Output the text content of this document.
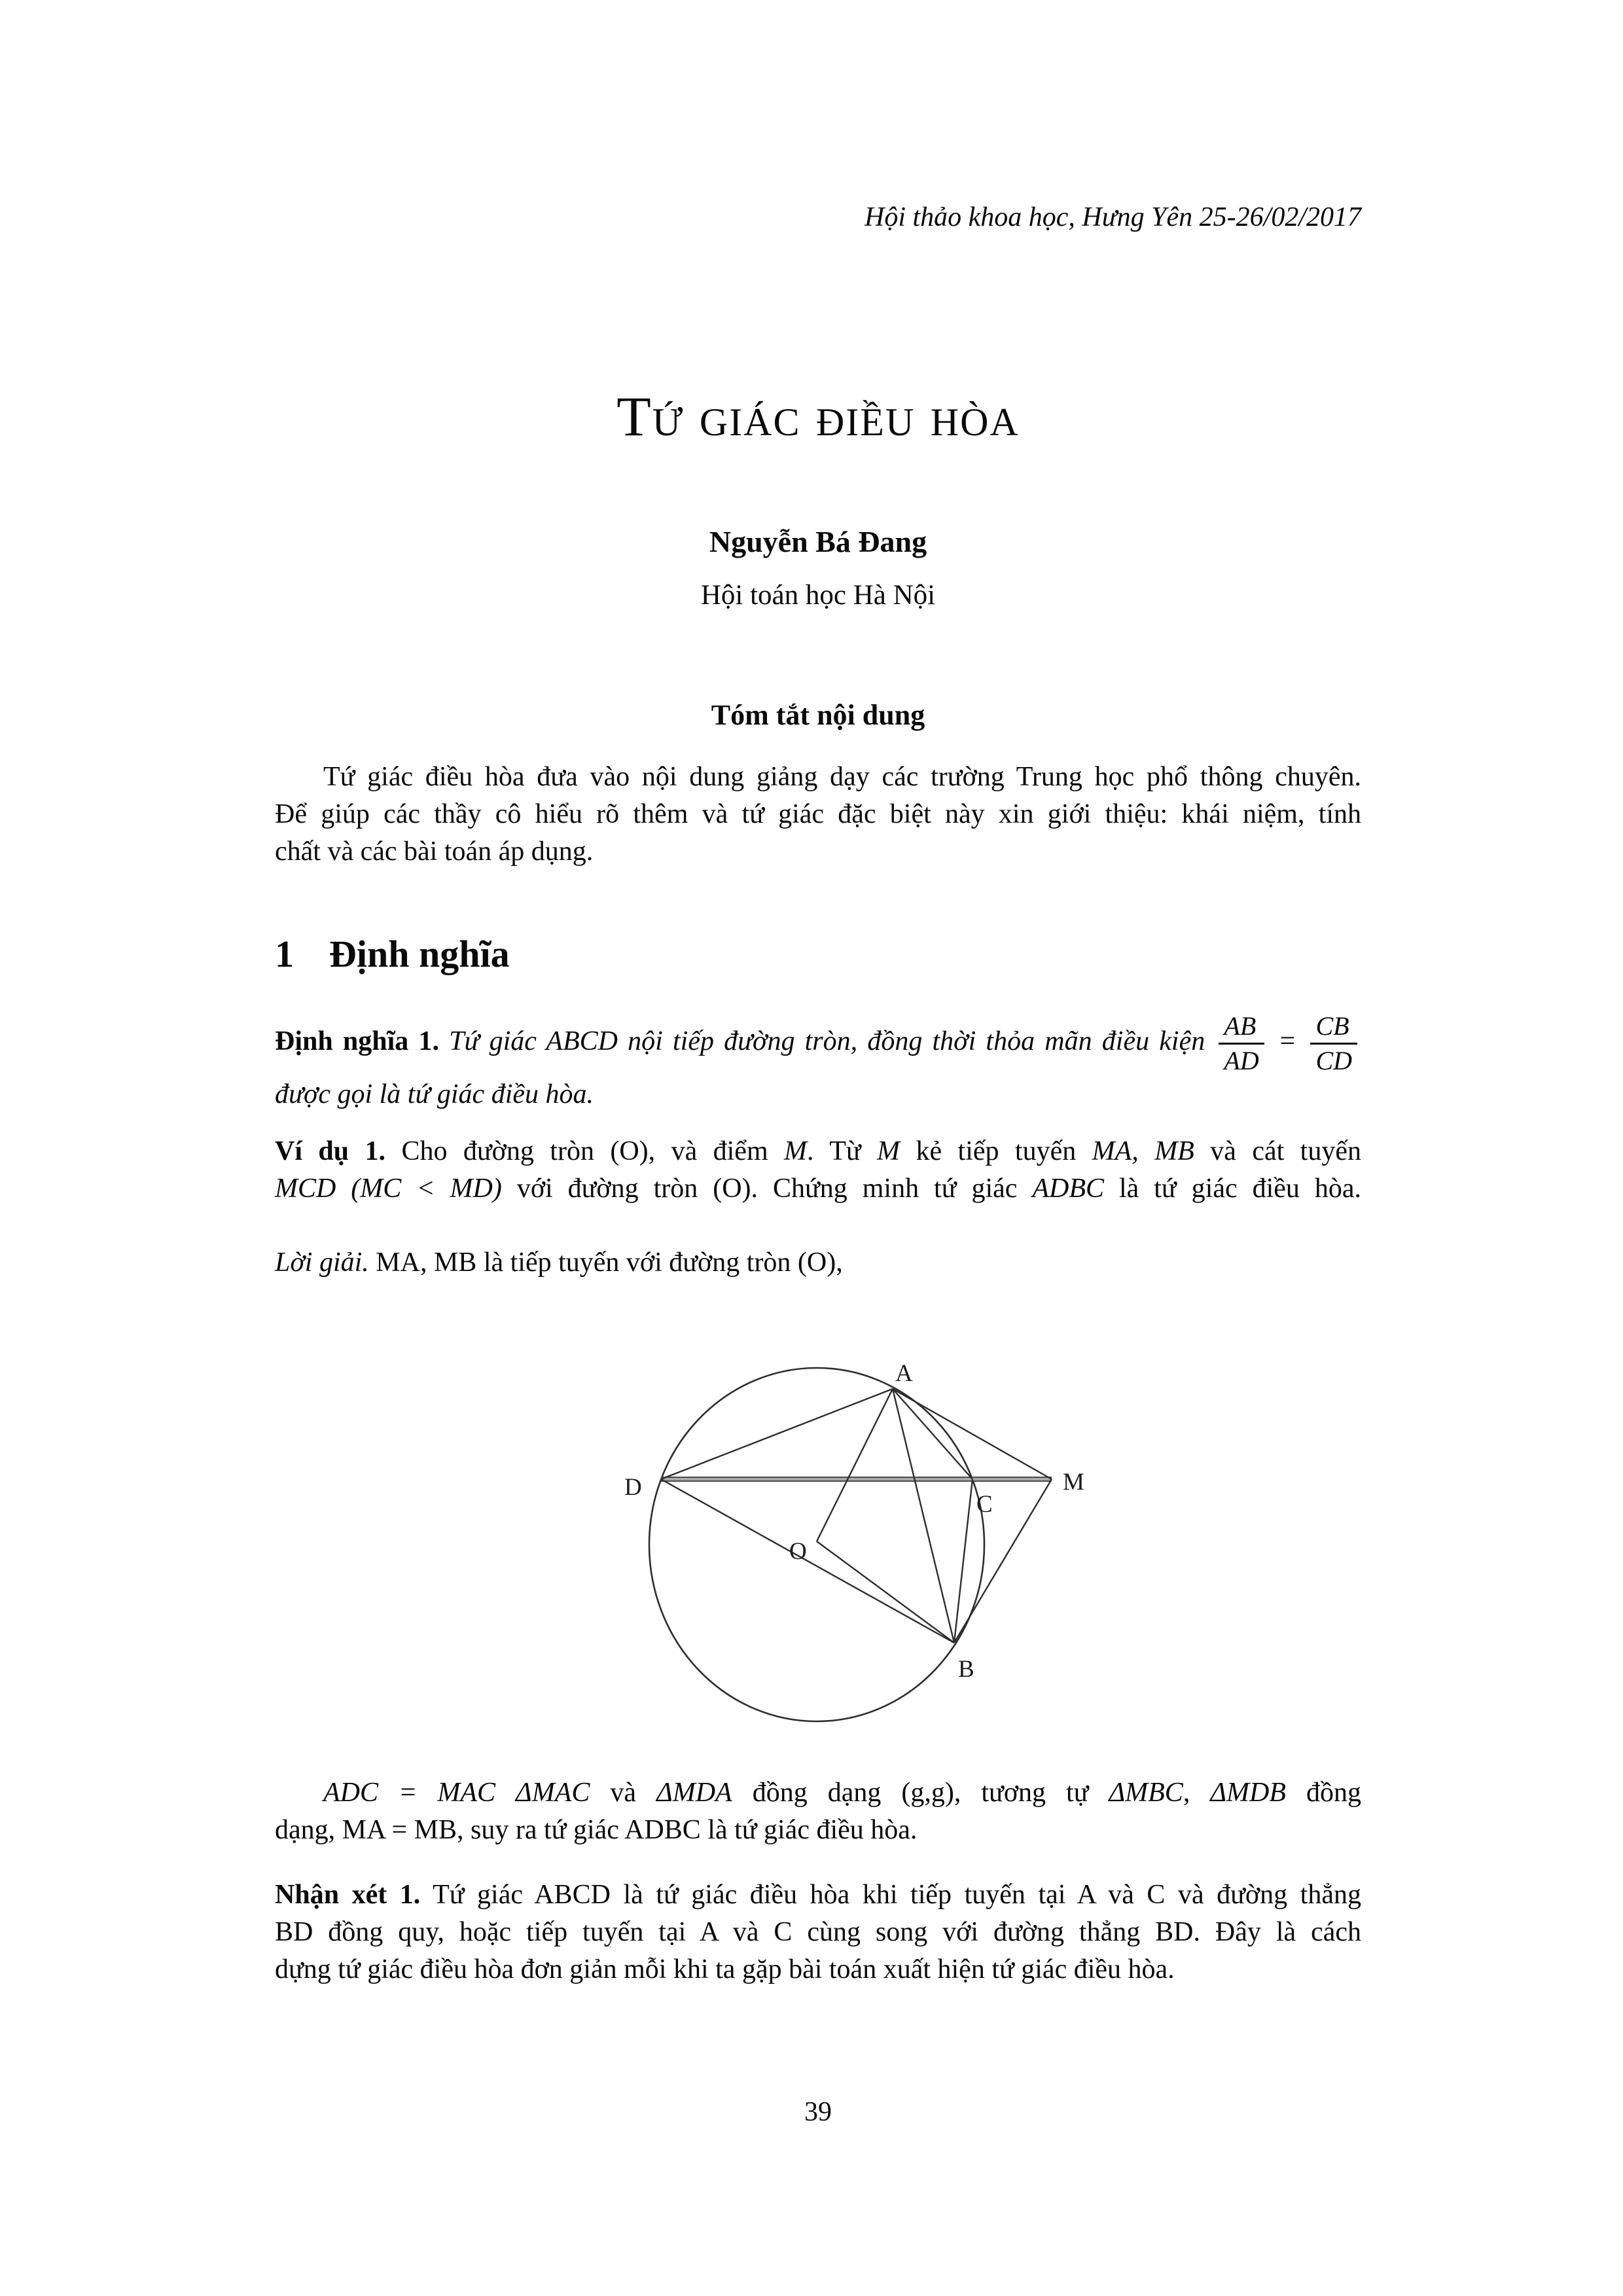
Hội thảo khoa học, Hưng Yên 25-26/02/2017
Tứ giác điều hòa
Nguyễn Bá Đang
Hội toán học Hà Nội
Tóm tắt nội dung
Tứ giác điều hòa đưa vào nội dung giảng dạy các trường Trung học phổ thông chuyên.
Để giúp các thầy cô hiểu rõ thêm và tứ giác đặc biệt này xin giới thiệu: khái niệm, tính
chất và các bài toán áp dụng.
1 Định nghĩa
Định nghĩa 1. Tứ giác ABCD nội tiếp đường tròn, đồng thời thỏa mãn điều kiện $\frac{AB}{AD} = \frac{CB}{CD}$
được gọi là tứ giác điều hòa.
Ví dụ 1. Cho đường tròn (O), và điểm M. Từ M kẻ tiếp tuyến MA, MB và cát tuyến
MCD (MC < MD) với đường tròn (O). Chứng minh tứ giác ADBC là tứ giác điều hòa.
Lời giải. MA, MB là tiếp tuyến với đường tròn (O),
A
D
C
M
O
B
ADC = MAC ΔMAC và ΔMDA đồng dạng (g,g), tương tự ΔMBC, ΔMDB đồng
dạng, MA = MB, suy ra tứ giác ADBC là tứ giác điều hòa.
Nhận xét 1. Tứ giác ABCD là tứ giác điều hòa khi tiếp tuyến tại A và C và đường thẳng
BD đồng quy, hoặc tiếp tuyến tại A và C cùng song với đường thẳng BD. Đây là cách
dựng tứ giác điều hòa đơn giản mỗi khi ta gặp bài toán xuất hiện tứ giác điều hòa.
39
